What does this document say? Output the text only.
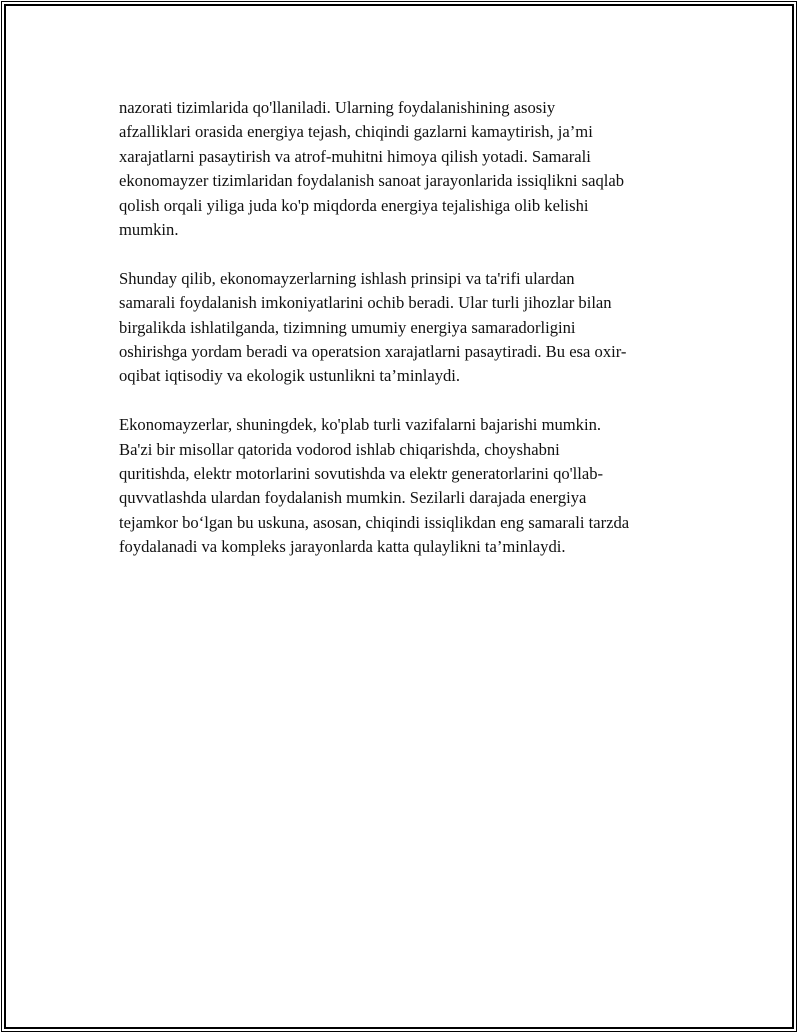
nazorati tizimlarida qo'llaniladi. Ularning foydalanishining asosiy
afzalliklari orasida energiya tejash, chiqindi gazlarni kamaytirish, ja’mi
xarajatlarni pasaytirish va atrof-muhitni himoya qilish yotadi. Samarali
ekonomayzer tizimlaridan foydalanish sanoat jarayonlarida issiqlikni saqlab
qolish orqali yiliga juda ko'p miqdorda energiya tejalishiga olib kelishi
mumkin.

Shunday qilib, ekonomayzerlarning ishlash prinsipi va ta'rifi ulardan
samarali foydalanish imkoniyatlarini ochib beradi. Ular turli jihozlar bilan
birgalikda ishlatilganda, tizimning umumiy energiya samaradorligini
oshirishga yordam beradi va operatsion xarajatlarni pasaytiradi. Bu esa oxir-
oqibat iqtisodiy va ekologik ustunlikni ta’minlaydi.

Ekonomayzerlar, shuningdek, ko'plab turli vazifalarni bajarishi mumkin.
Ba'zi bir misollar qatorida vodorod ishlab chiqarishda, choyshabni
quritishda, elektr motorlarini sovutishda va elektr generatorlarini qo'llab-
quvvatlashda ulardan foydalanish mumkin. Sezilarli darajada energiya
tejamkor bo‘lgan bu uskuna, asosan, chiqindi issiqlikdan eng samarali tarzda
foydalanadi va kompleks jarayonlarda katta qulaylikni ta’minlaydi.
